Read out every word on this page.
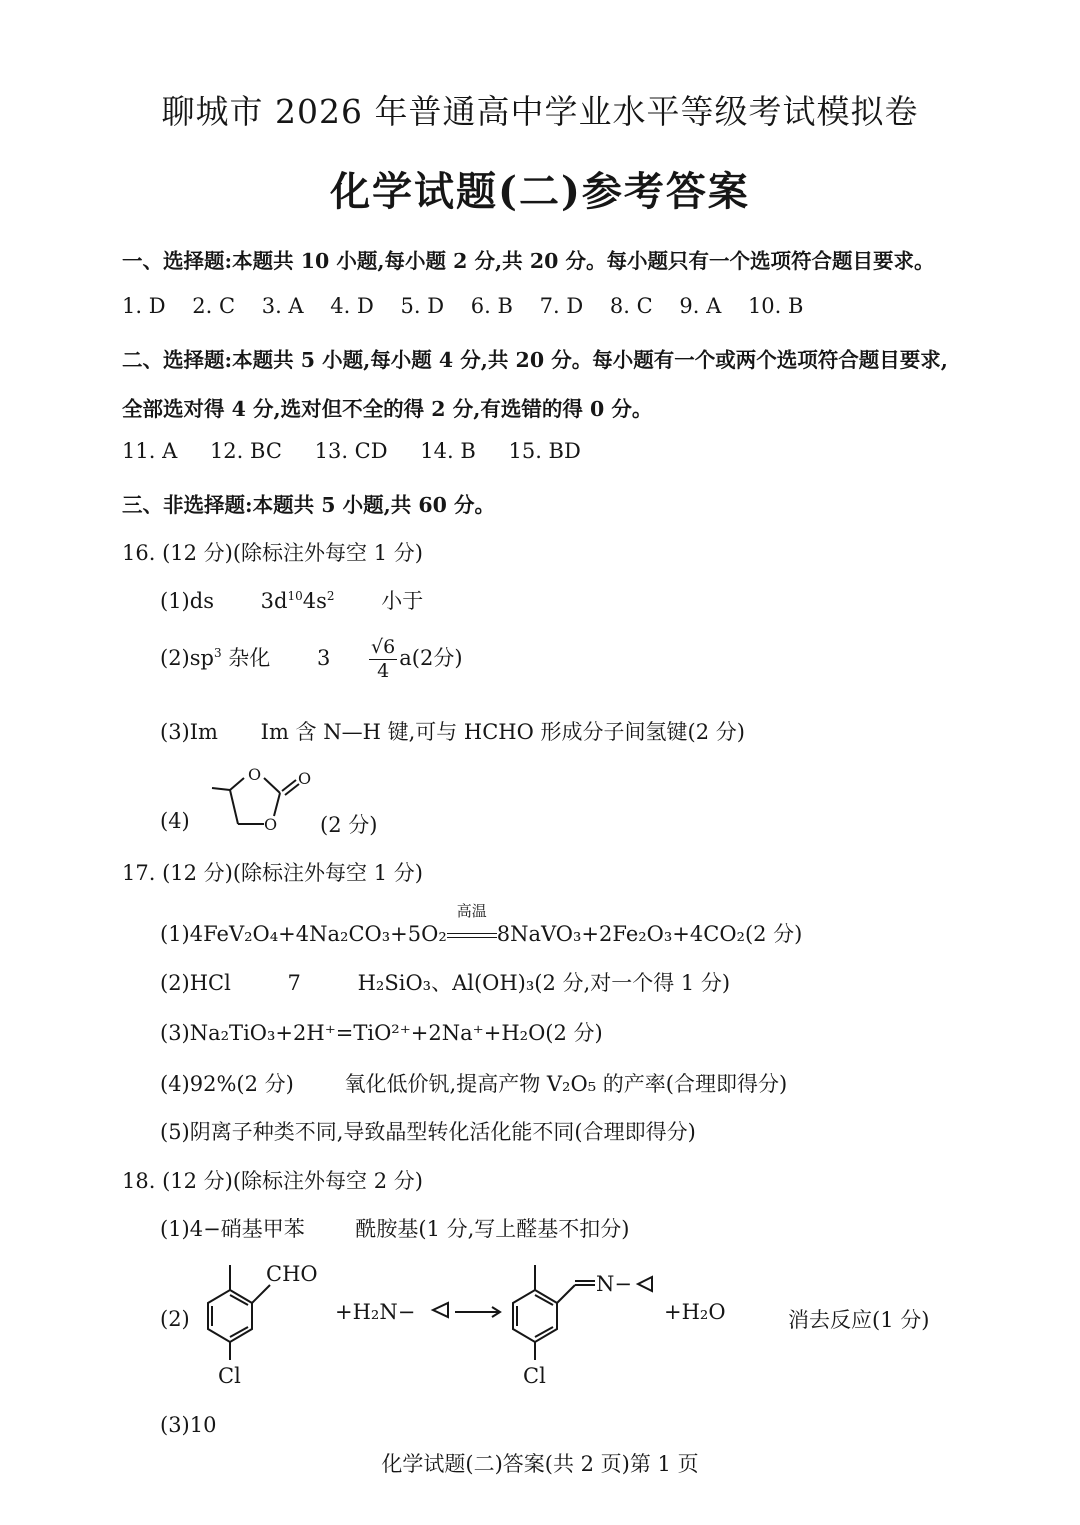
聊城市 2026 年普通高中学业水平等级考试模拟卷
化学试题(二)参考答案
一、选择题:本题共 10 小题,每小题 2 分,共 20 分。每小题只有一个选项符合题目要求。
1. D 2. C 3. A 4. D 5. D 6. B 7. D 8. C 9. A 10. B
二、选择题:本题共 5 小题,每小题 4 分,共 20 分。每小题有一个或两个选项符合题目要求,
全部选对得 4 分,选对但不全的得 2 分,有选错的得 0 分。
11. A 12. BC 13. CD 14. B 15. BD
三、非选择题:本题共 5 小题,共 60 分。
16. (12 分)(除标注外每空 1 分)
(1)ds $3d^{10}4s^2$ 小于
$(2)sp^3$ 杂化 $3 \frac{√6}{4} a(2$分)
(3)Im Im 含 N—H 键,可与 HCHO 形成分子间氢键(2 分)
(4)
O O
O (2 分)
17. (12 分)(除标注外每空 1 分)
(1)4FeV₂O₄+4Na₂CO₃+5O₂
高温
8NaVO₃+2Fe₂O₃+4CO₂(2 分)
(2)HCl	7	H₂SiO₃、Al(OH)₃(2 分,对一个得 1 分)
(3)Na₂TiO₃+2H⁺=TiO²⁺+2Na⁺+H₂O(2 分)
(4)92%(2 分) 氧化低价钒,提高产物 V₂O₅ 的产率(合理即得分)
(5)阴离子种类不同,导致晶型转化活化能不同(合理即得分)
18. (12 分)(除标注外每空 2 分)
(1)4−硝基甲苯 酰胺基(1 分,写上醛基不扣分)
(2)
CHO
Cl
+H₂N−
N−
Cl
+H₂O	消去反应(1 分)
(3)10
化学试题(二)答案(共 2 页)第 1 页
